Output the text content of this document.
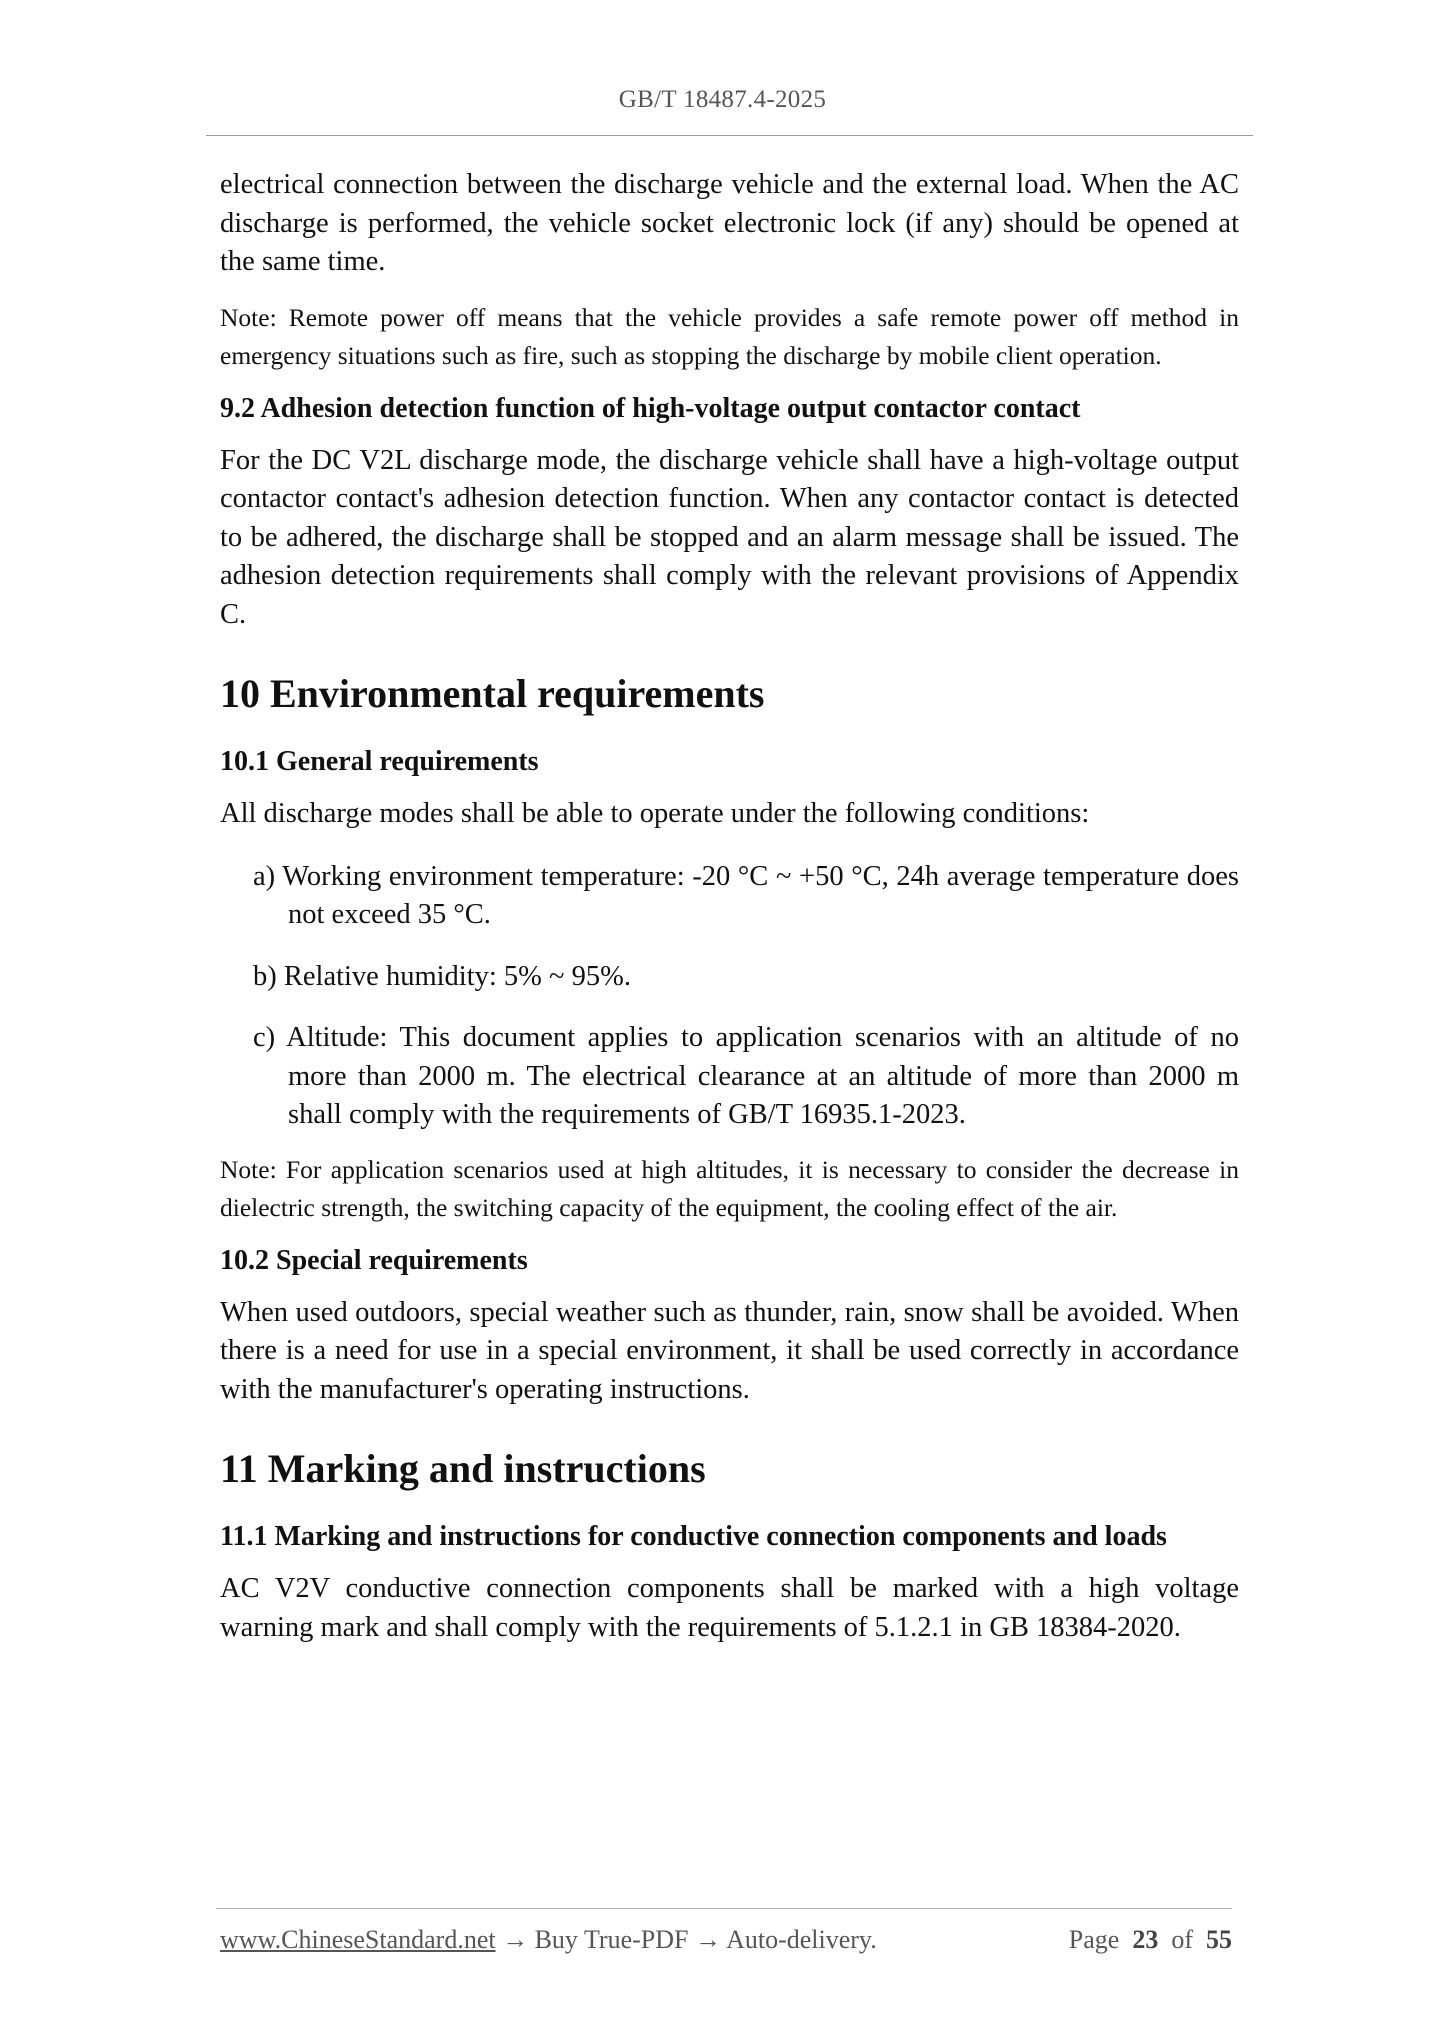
GB/T 18487.4-2025

electrical connection between the discharge vehicle and the external load. When the AC discharge is performed, the vehicle socket electronic lock (if any) should be opened at the same time.

Note: Remote power off means that the vehicle provides a safe remote power off method in emergency situations such as fire, such as stopping the discharge by mobile client operation.

9.2 Adhesion detection function of high-voltage output contactor contact

For the DC V2L discharge mode, the discharge vehicle shall have a high-voltage output contactor contact's adhesion detection function. When any contactor contact is detected to be adhered, the discharge shall be stopped and an alarm message shall be issued. The adhesion detection requirements shall comply with the relevant provisions of Appendix C.

10 Environmental requirements

10.1 General requirements

All discharge modes shall be able to operate under the following conditions:

a) Working environment temperature: -20 °C ~ +50 °C, 24h average temperature does not exceed 35 °C.

b) Relative humidity: 5% ~ 95%.

c) Altitude: This document applies to application scenarios with an altitude of no more than 2000 m. The electrical clearance at an altitude of more than 2000 m shall comply with the requirements of GB/T 16935.1-2023.

Note: For application scenarios used at high altitudes, it is necessary to consider the decrease in dielectric strength, the switching capacity of the equipment, the cooling effect of the air.

10.2 Special requirements

When used outdoors, special weather such as thunder, rain, snow shall be avoided. When there is a need for use in a special environment, it shall be used correctly in accordance with the manufacturer's operating instructions.

11 Marking and instructions

11.1 Marking and instructions for conductive connection components and loads

AC V2V conductive connection components shall be marked with a high voltage warning mark and shall comply with the requirements of 5.1.2.1 in GB 18384-2020.

www.ChineseStandard.net → Buy True-PDF → Auto-delivery.	Page 23 of 55
